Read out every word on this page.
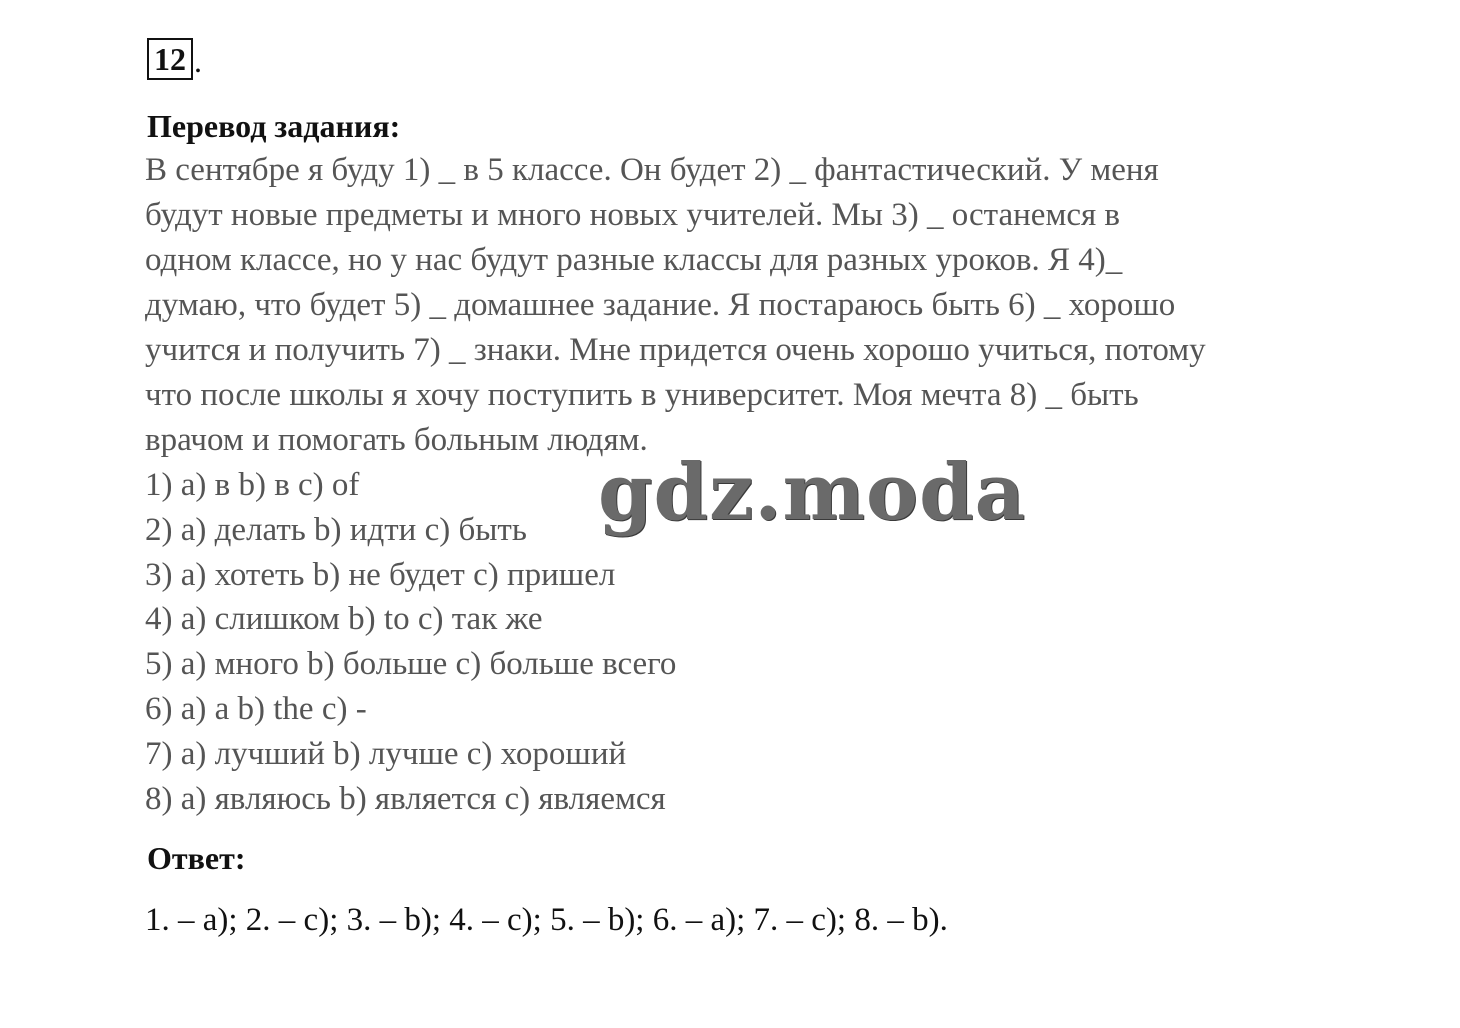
12 .
Перевод задания:

В сентябре я буду 1) _ в 5 классе. Он будет 2) _ фантастический. У меня
будут новые предметы и много новых учителей. Мы 3) _ останемся в
одном классе, но у нас будут разные классы для разных уроков. Я 4)_
думаю, что будет 5) _ домашнее задание. Я постараюсь быть 6) _ хорошо
учится и получить 7) _ знаки. Мне придется очень хорошо учиться, потому
что после школы я хочу поступить в университет. Моя мечта 8) _ быть
врачом и помогать больным людям.

1) a) в b) в c) of
2) a) делать b) идти c) быть
3) a) хотеть b) не будет c) пришел
4) a) слишком b) to c) так же
5) a) много b) больше c) больше всего
6) a) a b) the c) -
7) a) лучший b) лучше c) хороший
8) a) являюсь b) является c) являемся
Ответ:
1. – a); 2. – c); 3. – b); 4. – c); 5. – b); 6. – a); 7. – c); 8. – b).
gdz.moda
